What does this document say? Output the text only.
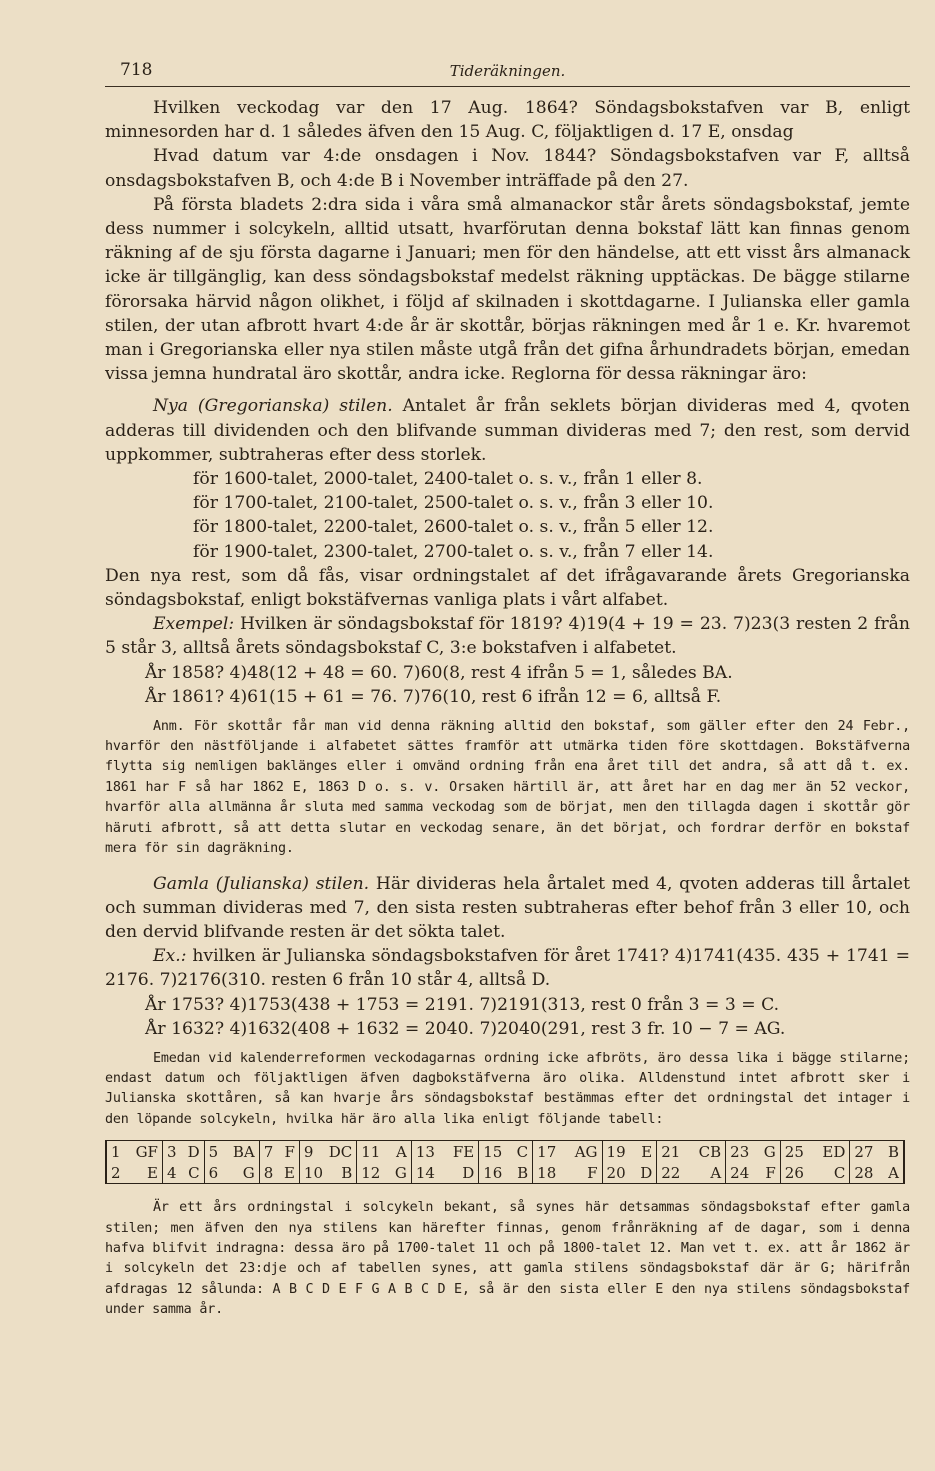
718	Tideräkningen.

Hvilken veckodag var den 17 Aug. 1864? Söndagsbokstafven var B, enligt minnesorden har d. 1 således äfven den 15 Aug. C, följaktligen d. 17 E, onsdag

Hvad datum var 4:de onsdagen i Nov. 1844? Söndagsbokstafven var F, alltså onsdagsbokstafven B, och 4:de B i November inträffade på den 27.

På första bladets 2:dra sida i våra små almanackor står årets söndagsbokstaf, jemte dess nummer i solcykeln, alltid utsatt, hvarförutan denna bokstaf lätt kan finnas genom räkning af de sju första dagarne i Januari; men för den händelse, att ett visst års almanack icke är tillgänglig, kan dess söndagsbokstaf medelst räkning upptäckas. De bägge stilarne förorsaka härvid någon olikhet, i följd af skilnaden i skottdagarne. I Julianska eller gamla stilen, der utan afbrott hvart 4:de år är skottår, börjas räkningen med år 1 e. Kr. hvaremot man i Gregorianska eller nya stilen måste utgå från det gifna århundradets början, emedan vissa jemna hundratal äro skottår, andra icke. Reglorna för dessa räkningar äro:

Nya (Gregorianska) stilen. Antalet år från seklets början divideras med 4, qvoten adderas till dividenden och den blifvande summan divideras med 7; den rest, som dervid uppkommer, subtraheras efter dess storlek.

för 1600-talet, 2000-talet, 2400-talet o. s. v., från 1 eller 8.
för 1700-talet, 2100-talet, 2500-talet o. s. v., från 3 eller 10.
för 1800-talet, 2200-talet, 2600-talet o. s. v., från 5 eller 12.
för 1900-talet, 2300-talet, 2700-talet o. s. v., från 7 eller 14.

Den nya rest, som då fås, visar ordningstalet af det ifrågavarande årets Gregorianska söndagsbokstaf, enligt bokstäfvernas vanliga plats i vårt alfabet.

Exempel: Hvilken är söndagsbokstaf för 1819? 4)19(4 + 19 = 23. 7)23(3 resten 2 från 5 står 3, alltså årets söndagsbokstaf C, 3:e bokstafven i alfabetet.

År 1858? 4)48(12 + 48 = 60. 7)60(8, rest 4 ifrån 5 = 1, således BA.
År 1861? 4)61(15 + 61 = 76. 7)76(10, rest 6 ifrån 12 = 6, alltså F.

Anm. För skottår får man vid denna räkning alltid den bokstaf, som gäller efter den 24 Febr., hvarför den nästföljande i alfabetet sättes framför att utmärka tiden före skottdagen. Bokstäfverna flytta sig nemligen baklänges eller i omvänd ordning från ena året till det andra, så att då t. ex. 1861 har F så har 1862 E, 1863 D o. s. v. Orsaken härtill är, att året har en dag mer än 52 veckor, hvarför alla allmänna år sluta med samma veckodag som de börjat, men den tillagda dagen i skottår gör häruti afbrott, så att detta slutar en veckodag senare, än det börjat, och fordrar derför en bokstaf mera för sin dagräkning.

Gamla (Julianska) stilen. Här divideras hela årtalet med 4, qvoten adderas till årtalet och summan divideras med 7, den sista resten subtraheras efter behof från 3 eller 10, och den dervid blifvande resten är det sökta talet.

Ex.: hvilken är Julianska söndagsbokstafven för året 1741? 4)1741(435. 435 + 1741 = 2176. 7)2176(310. resten 6 från 10 står 4, alltså D.

År 1753? 4)1753(438 + 1753 = 2191. 7)2191(313, rest 0 från 3 = 3 = C.
År 1632? 4)1632(408 + 1632 = 2040. 7)2040(291, rest 3 fr. 10 − 7 = AG.

Emedan vid kalenderreformen veckodagarnas ordning icke afbröts, äro dessa lika i bägge stilarne; endast datum och följaktligen äfven dagbokstäfverna äro olika. Alldenstund intet afbrott sker i Julianska skottåren, så kan hvarje års söndagsbokstaf bestämmas efter det ordningstal det intager i den löpande solcykeln, hvilka här äro alla lika enligt följande tabell:

1 GF	3 D	5 BA	7 F	9 DC	11 A	13 FE	15 C	17 AG	19 E	21 CB	23 G	25 ED	27 B

2 E	4 C	6 G	8 E	10 B	12 G	14 D	16 B	18 F	20 D	22 A	24 F	26 C	28 A

Är ett års ordningstal i solcykeln bekant, så synes här detsammas söndagsbokstaf efter gamla stilen; men äfven den nya stilens kan härefter finnas, genom frånräkning af de dagar, som i denna hafva blifvit indragna: dessa äro på 1700-talet 11 och på 1800-talet 12. Man vet t. ex. att år 1862 är i solcykeln det 23:dje och af tabellen synes, att gamla stilens söndagsbokstaf där är G; härifrån afdragas 12 sålunda: A B C D E F G A B C D E, så är den sista eller E den nya stilens söndagsbokstaf under samma år.
